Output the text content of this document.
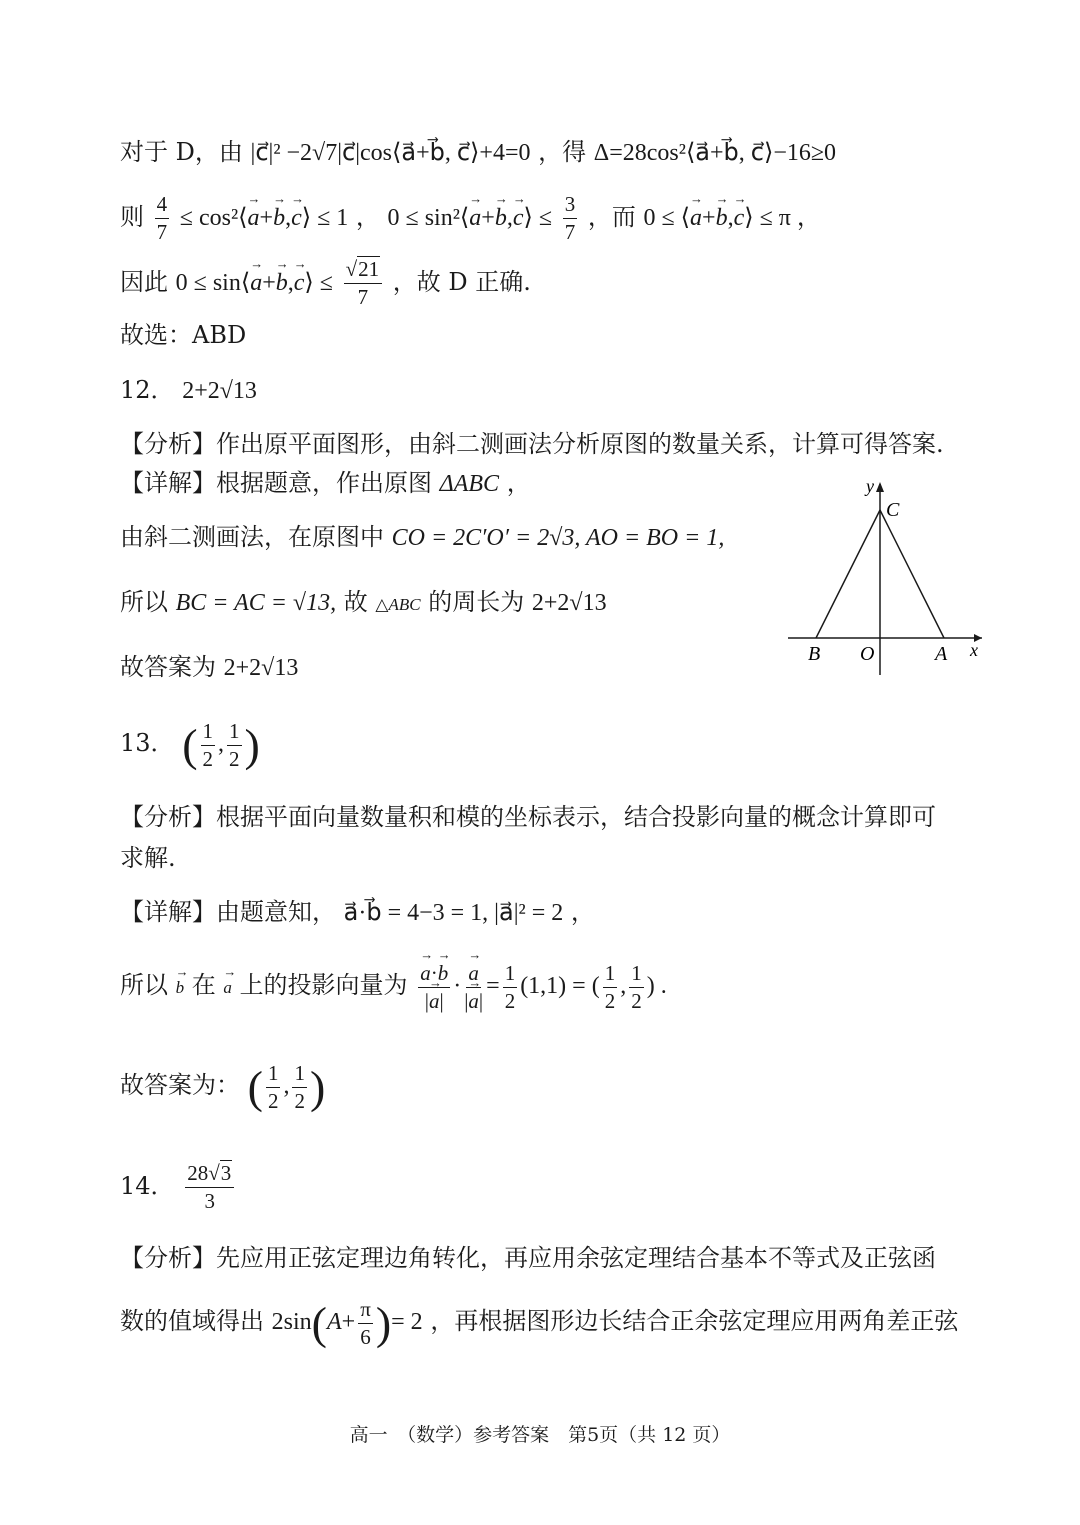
对于 D，由 |c⃗|² −2√7|c⃗|cos⟨a⃗+b⃗, c⃗⟩+4=0 ，得 Δ=28cos²⟨a⃗+b⃗, c⃗⟩−16≥0
则 $\frac{4}{7}$ ≤ cos²⟨→ a+→ b,→ c⟩ ≤ 1 ， 0 ≤ sin²⟨→ a+→ b,→ c⟩ ≤ $\frac{3}{7}$ ，而 0 ≤ ⟨→ a+→ b,→ c⟩ ≤ π ，
因此 0 ≤ sin⟨→ a+→ b,→ c⟩ ≤ $\frac{√21}{7}$ ，故 D 正确.
故选：ABD
12． 2+2√13
【分析】作出原平面图形，由斜二测画法分析原图的数量关系，计算可得答案.
【详解】根据题意，作出原图 ΔABC ，
由斜二测画法，在原图中 CO = 2C′O′ = 2√3, AO = BO = 1,
所以 BC = AC = √13, 故 △ABC 的周长为 2+2√13
故答案为 2+2√13
y
C
B O	A x
13． ( $\frac{1}{2}$ , $\frac{1}{2}$ )
【分析】根据平面向量数量积和模的坐标表示，结合投影向量的概念计算即可
求解.
【详解】由题意知， a⃗·b⃗ = 4−3 = 1, |a⃗|² = 2 ，
所以 → b 在 → a 上的投影向量为 → $\frac{a\cdot\to b}{|\to a|}$ · → $\frac{a}{|\to a|} = \frac{1}{2} (1,1)$ = ( $\frac{1}{2}$ , $\frac{1}{2}$ ) .
故答案为： ( $\frac{1}{2}$ , $\frac{1}{2}$ )
14． $\frac{28√3}{3}$
【分析】先应用正弦定理边角转化，再应用余弦定理结合基本不等式及正弦函
数的值域得出 $2\sin(A+ \frac{\pi}{6}$ )= 2 ，再根据图形边长结合正余弦定理应用两角差正弦
高一　（数学）参考答案　第5页（共 12 页）
